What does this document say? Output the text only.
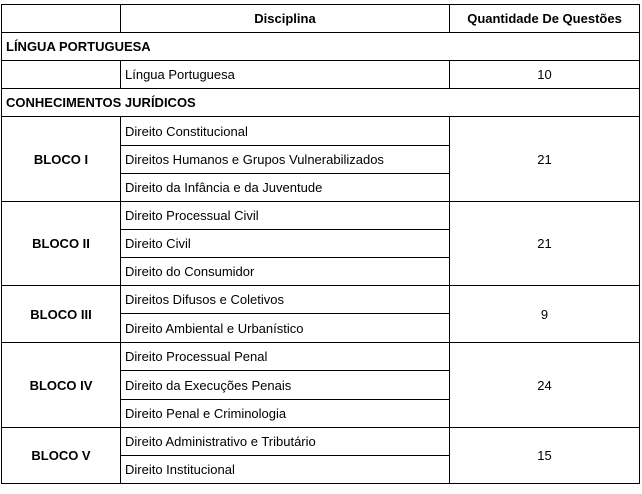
	Disciplina	Quantidade De Questões
LÍNGUA PORTUGUESA		
	Língua Portuguesa	10
CONHECIMENTOS JURÍDICOS		
BLOCO I	Direito Constitucional	21
	Direitos Humanos e Grupos Vulnerabilizados	
	Direito da Infância e da Juventude	
BLOCO II	Direito Processual Civil	21
	Direito Civil	
	Direito do Consumidor	
BLOCO III	Direitos Difusos e Coletivos	9
	Direito Ambiental e Urbanístico	
BLOCO IV	Direito Processual Penal	24
	Direito da Execuções Penais	
	Direito Penal e Criminologia	
BLOCO V	Direito Administrativo e Tributário	15
	Direito Institucional	
